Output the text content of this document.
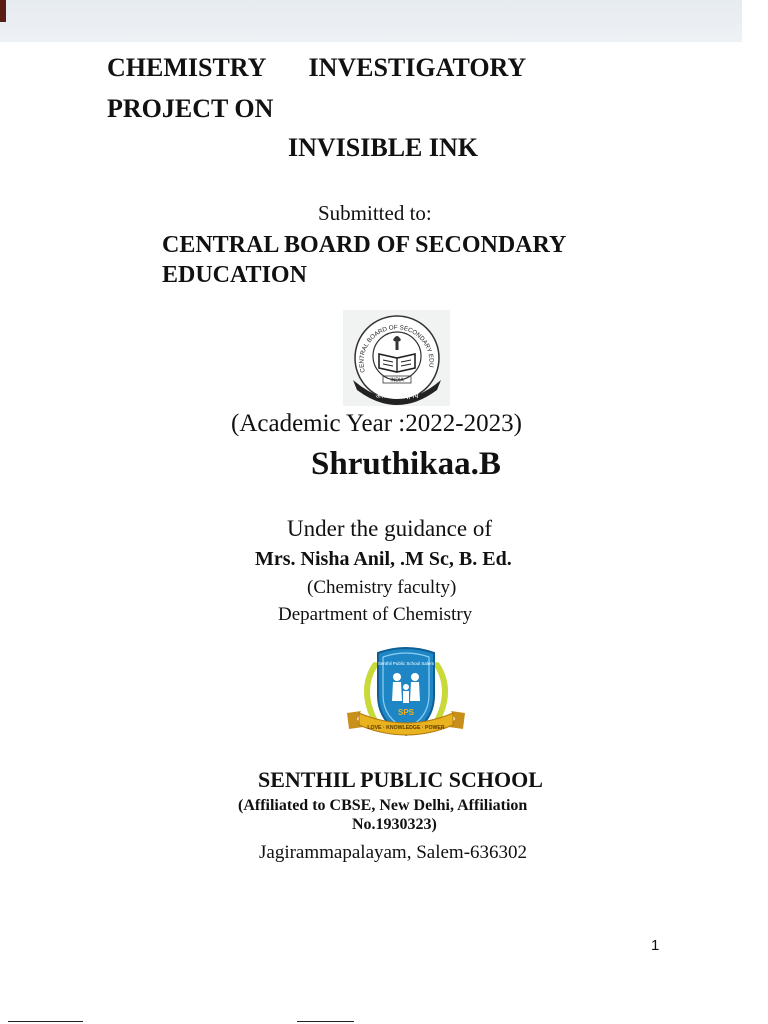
CHEMISTRY INVESTIGATORY

PROJECT ON

INVISIBLE INK

Submitted to:

CENTRAL BOARD OF SECONDARY

EDUCATION

CENTRAL BOARD OF SECONDARY EDU
INDIA
असतो मा सद्गमय

(Academic Year :2022-2023)

Shruthikaa.B

Under the guidance of

Mrs. Nisha Anil, .M Sc, B. Ed.

(Chemistry faculty)

Department of Chemistry

Senthil Public School Salem
SPS
LOVE · KNOWLEDGE · POWER

SENTHIL PUBLIC SCHOOL

(Affiliated to CBSE, New Delhi, Affiliation

No.1930323)

Jagirammapalayam, Salem-636302

1
